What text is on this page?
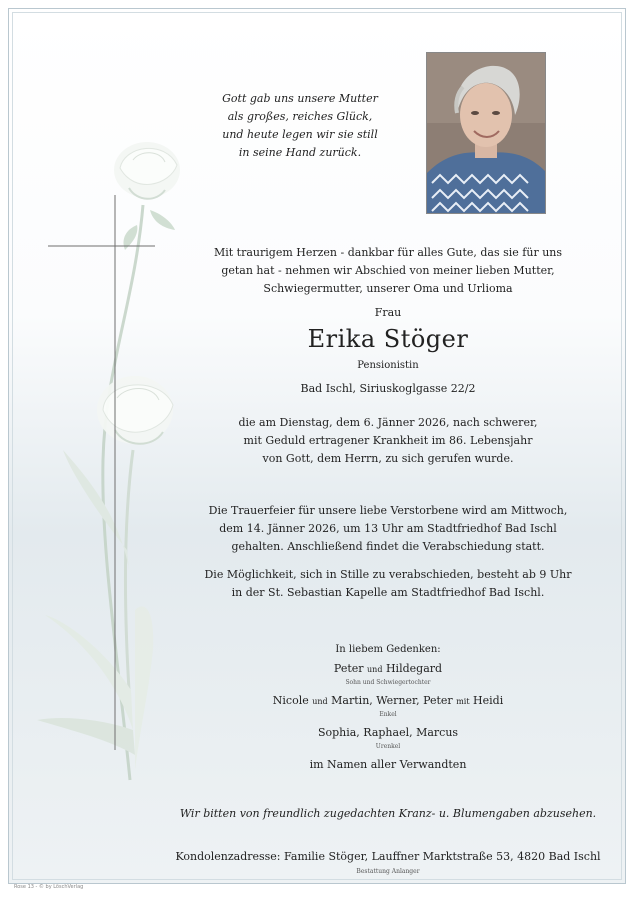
Gott gab uns unsere Mutter
als großes, reiches Glück,
und heute legen wir sie still
in seine Hand zurück.
Mit traurigem Herzen - dankbar für alles Gute, das sie für uns
getan hat - nehmen wir Abschied von meiner lieben Mutter,
Schwiegermutter, unserer Oma und Urlioma
Frau
Erika Stöger
Pensionistin
Bad Ischl, Siriuskoglgasse 22/2
die am Dienstag, dem 6. Jänner 2026, nach schwerer,
mit Geduld ertragener Krankheit im 86. Lebensjahr
von Gott, dem Herrn, zu sich gerufen wurde.
Die Trauerfeier für unsere liebe Verstorbene wird am Mittwoch,
dem 14. Jänner 2026, um 13 Uhr am Stadtfriedhof Bad Ischl
gehalten. Anschließend findet die Verabschiedung statt.
Die Möglichkeit, sich in Stille zu verabschieden, besteht ab 9 Uhr
in der St. Sebastian Kapelle am Stadtfriedhof Bad Ischl.
In liebem Gedenken:
Peter und Hildegard
Sohn und Schwiegertochter
Nicole und Martin, Werner, Peter mit Heidi
Enkel
Sophia, Raphael, Marcus
Urenkel
im Namen aller Verwandten
Wir bitten von freundlich zugedachten Kranz- u. Blumengaben abzusehen.
Kondolenzadresse: Familie Stöger, Lauffner Marktstraße 53, 4820 Bad Ischl
Bestattung Anlanger
Rose 13 - © by LöschVerlag
